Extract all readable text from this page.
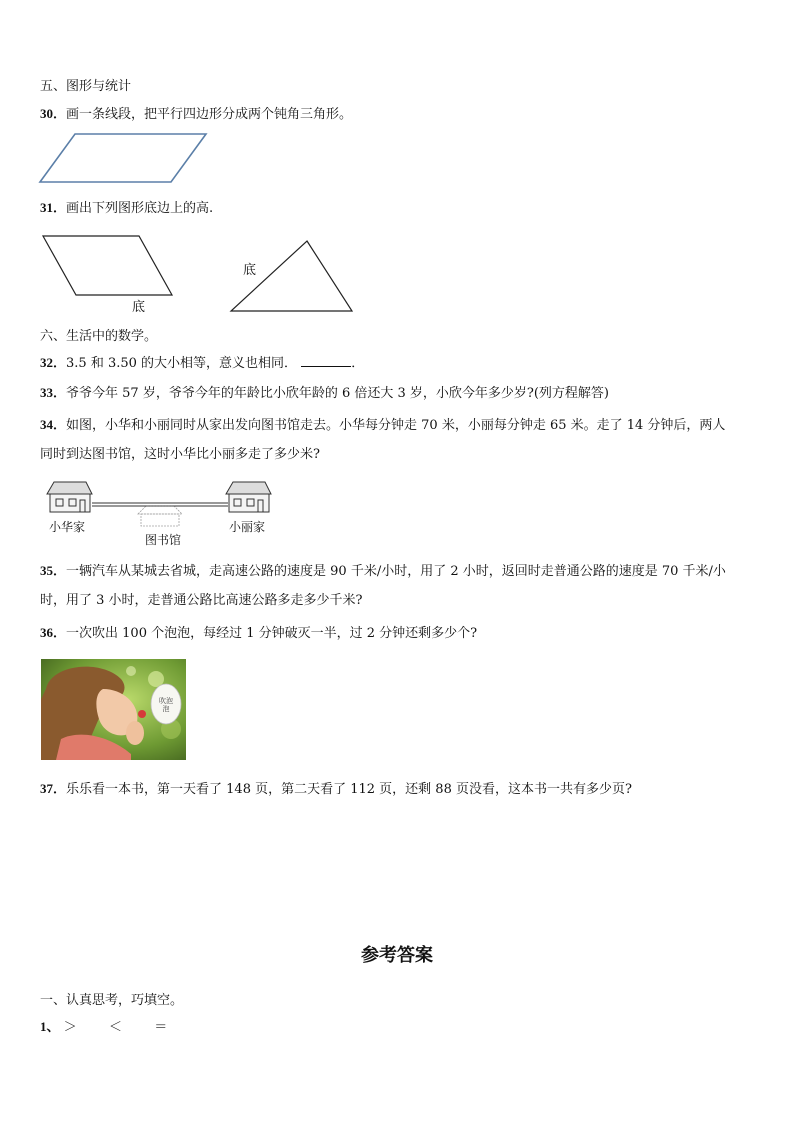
五、图形与统计
30．画一条线段，把平行四边形分成两个钝角三角形。
31．画出下列图形底边上的高.
底
底
六、生活中的数学。
32．3.5 和 3.50 的大小相等，意义也相同．	．
33．爷爷今年 57 岁，爷爷今年的年龄比小欣年龄的 6 倍还大 3 岁，小欣今年多少岁?(列方程解答)
34．如图，小华和小丽同时从家出发向图书馆走去。小华每分钟走 70 米，小丽每分钟走 65 米。走了 14 分钟后，两人
同时到达图书馆，这时小华比小丽多走了多少米?
小华家
图书馆
小丽家
35．一辆汽车从某城去省城，走高速公路的速度是 90 千米/小时，用了 2 小时，返回时走普通公路的速度是 70 千米/小
时，用了 3 小时，走普通公路比高速公路多走多少千米?
36．一次吹出 100 个泡泡，每经过 1 分钟破灭一半，过 2 分钟还剩多少个?
吹泡泡
37．乐乐看一本书，第一天看了 148 页，第二天看了 112 页，还剩 88 页没看，这本书一共有多少页?
参考答案
一、认真思考，巧填空。
1、 ＞ ＜ ＝
